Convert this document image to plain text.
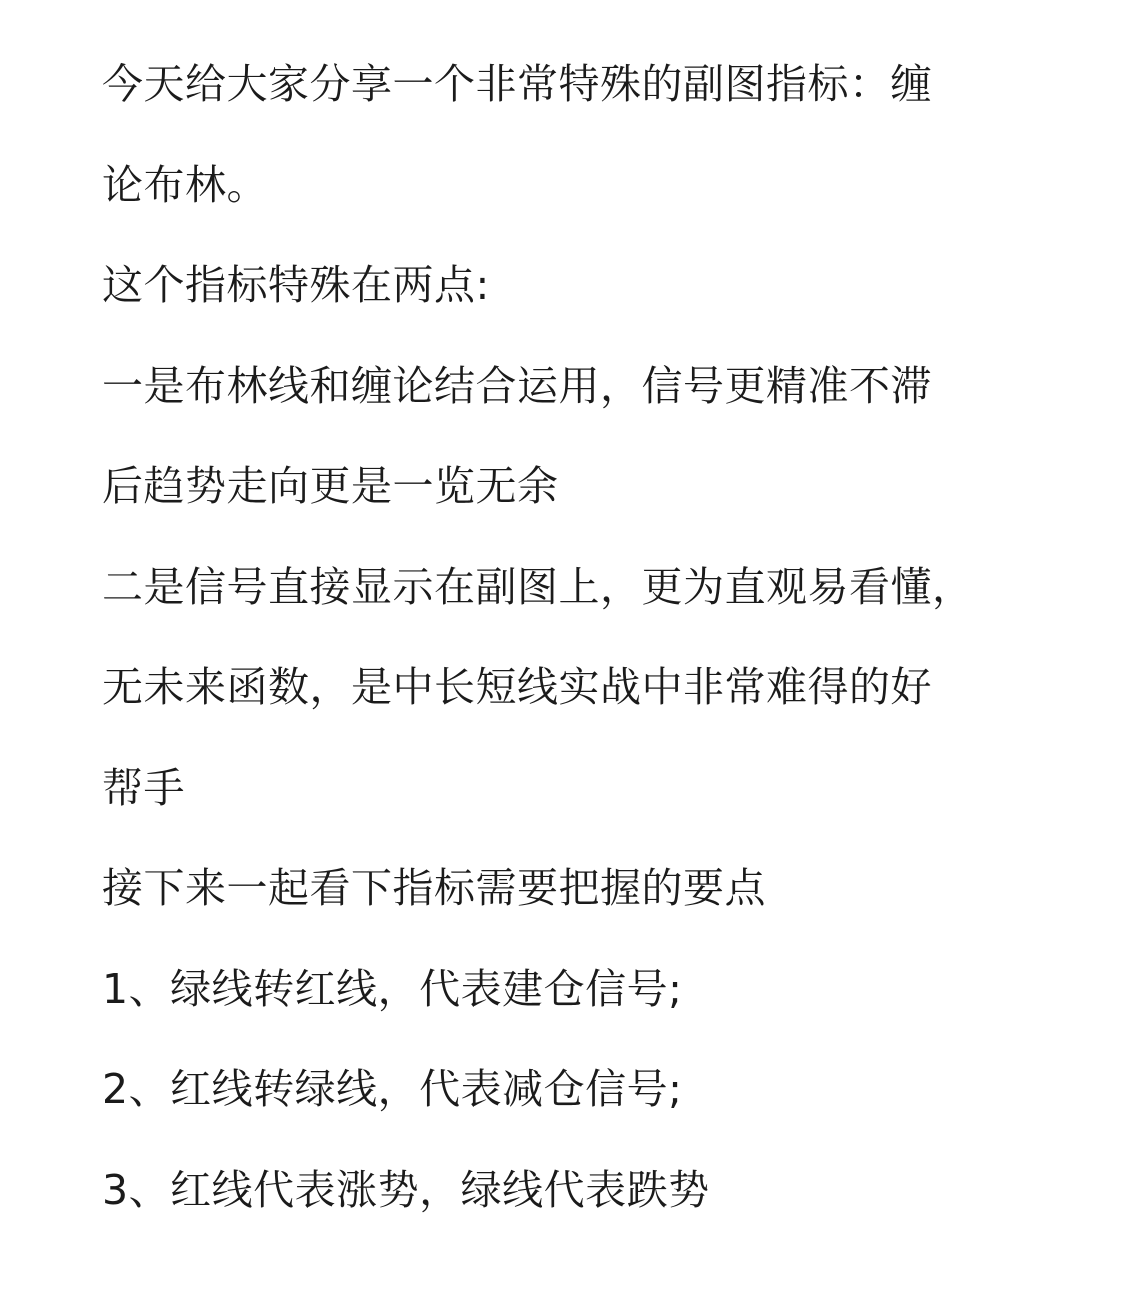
今天给大家分享一个非常特殊的副图指标：缠
论布林。
这个指标特殊在两点:
一是布林线和缠论结合运用，信号更精准不滞
后趋势走向更是一览无余
二是信号直接显示在副图上，更为直观易看懂，
无未来函数，是中长短线实战中非常难得的好
帮手
接下来一起看下指标需要把握的要点
1、绿线转红线，代表建仓信号;
2、红线转绿线，代表减仓信号;
3、红线代表涨势，绿线代表跌势
